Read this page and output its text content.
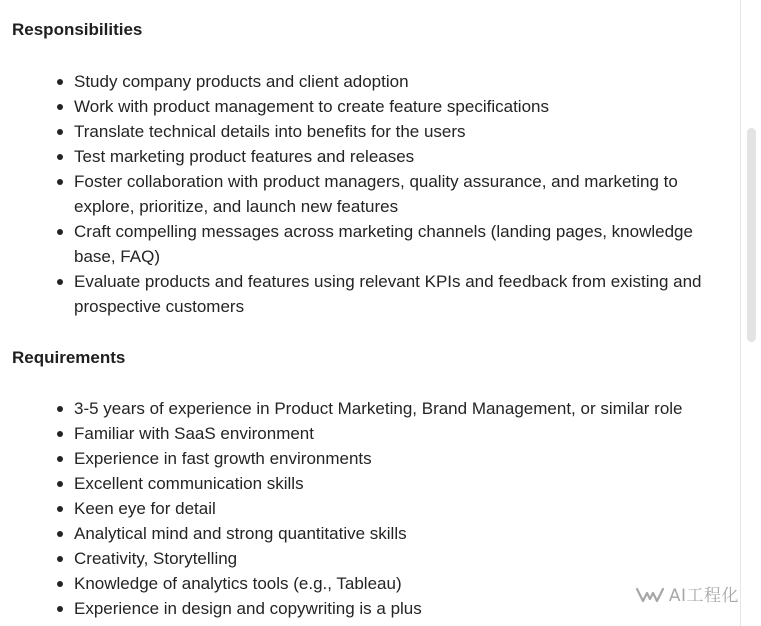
Responsibilities
Study company products and client adoption
Work with product management to create feature specifications
Translate technical details into benefits for the users
Test marketing product features and releases
Foster collaboration with product managers, quality assurance, and marketing to explore, prioritize, and launch new features
Craft compelling messages across marketing channels (landing pages, knowledge base, FAQ)
Evaluate products and features using relevant KPIs and feedback from existing and prospective customers
Requirements
3-5 years of experience in Product Marketing, Brand Management, or similar role
Familiar with SaaS environment
Experience in fast growth environments
Excellent communication skills
Keen eye for detail
Analytical mind and strong quantitative skills
Creativity, Storytelling
Knowledge of analytics tools (e.g., Tableau)
Experience in design and copywriting is a plus
AI工程化
